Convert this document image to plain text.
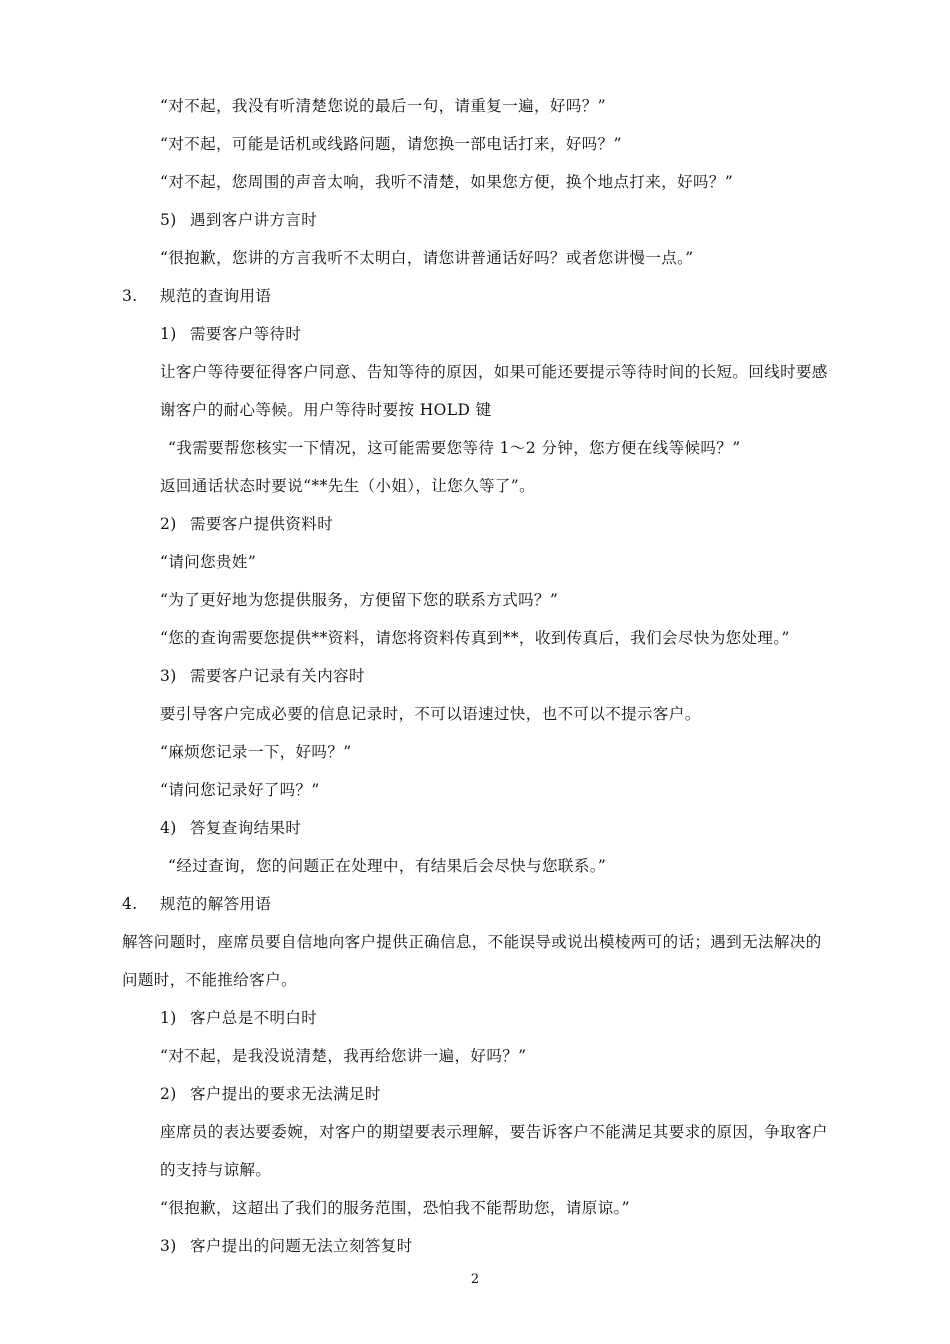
“对不起，我没有听清楚您说的最后一句，请重复一遍，好吗？”
“对不起，可能是话机或线路问题，请您换一部电话打来，好吗？”
“对不起，您周围的声音太响，我听不清楚，如果您方便，换个地点打来，好吗？”
5) 遇到客户讲方言时
“很抱歉，您讲的方言我听不太明白，请您讲普通话好吗？或者您讲慢一点。”
3. 规范的查询用语
1) 需要客户等待时
让客户等待要征得客户同意、告知等待的原因，如果可能还要提示等待时间的长短。回线时要感
谢客户的耐心等候。用户等待时要按 HOLD 键
“我需要帮您核实一下情况，这可能需要您等待 1～2 分钟，您方便在线等候吗？”
返回通话状态时要说“**先生（小姐），让您久等了”。
2) 需要客户提供资料时
“请问您贵姓”
“为了更好地为您提供服务，方便留下您的联系方式吗？”
“您的查询需要您提供**资料，请您将资料传真到**，收到传真后，我们会尽快为您处理。”
3) 需要客户记录有关内容时
要引导客户完成必要的信息记录时，不可以语速过快，也不可以不提示客户。
“麻烦您记录一下，好吗？”
“请问您记录好了吗？”
4) 答复查询结果时
“经过查询，您的问题正在处理中，有结果后会尽快与您联系。”
4. 规范的解答用语
解答问题时，座席员要自信地向客户提供正确信息，不能误导或说出模棱两可的话；遇到无法解决的
问题时，不能推给客户。
1) 客户总是不明白时
“对不起，是我没说清楚，我再给您讲一遍，好吗？”
2) 客户提出的要求无法满足时
座席员的表达要委婉，对客户的期望要表示理解，要告诉客户不能满足其要求的原因，争取客户
的支持与谅解。
“很抱歉，这超出了我们的服务范围，恐怕我不能帮助您，请原谅。”
3) 客户提出的问题无法立刻答复时
2
